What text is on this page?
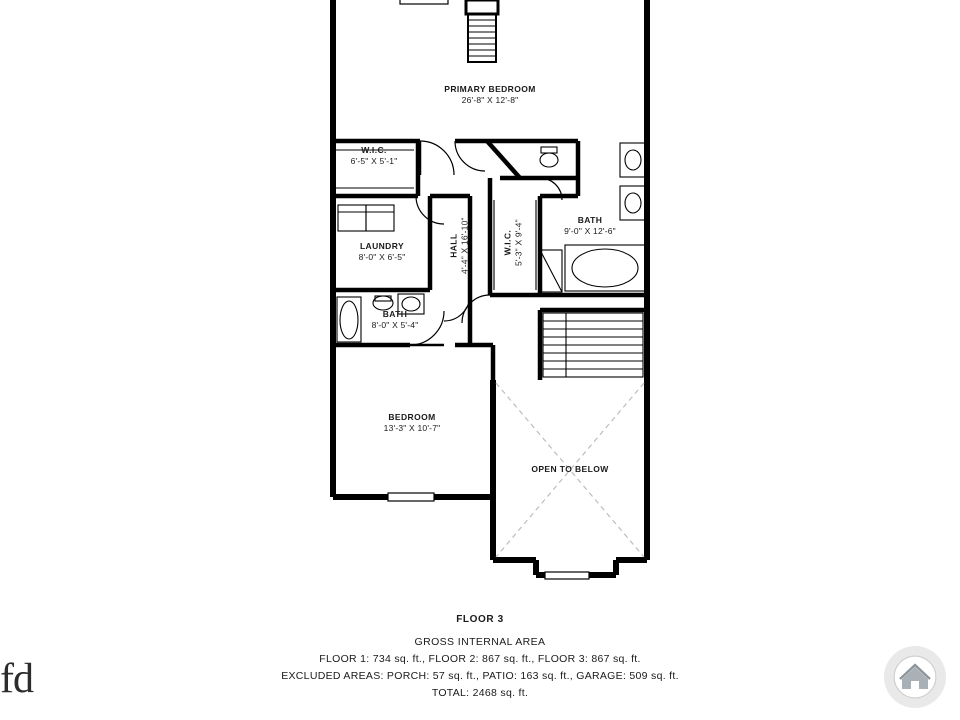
PRIMARY BEDROOM
26'-8" X 12'-8"
W.I.C.
6'-5" X 5'-1"
LAUNDRY
8'-0" X 6'-5"	HALL 4'-4" X 16'-10"	W.I.C. 5'-3" X 9'-4"	BATH
9'-0" X 12'-6"
BATH
8'-0" X 5'-4"
BEDROOM
13'-3" X 10'-7"
OPEN TO BELOW
FLOOR 3
GROSS INTERNAL AREA
FLOOR 1: 734 sq. ft., FLOOR 2: 867 sq. ft., FLOOR 3: 867 sq. ft.
EXCLUDED AREAS: PORCH: 57 sq. ft., PATIO: 163 sq. ft., GARAGE: 509 sq. ft.
TOTAL: 2468 sq. ft.
fd
